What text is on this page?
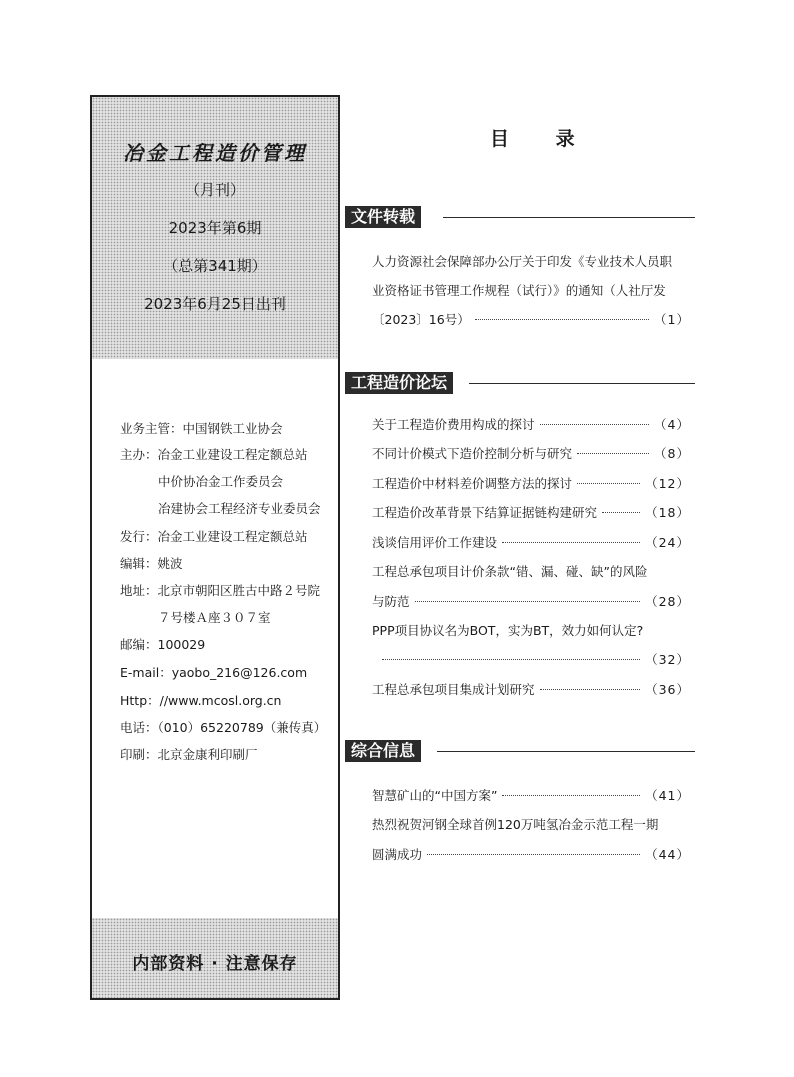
冶金工程造价管理
（月刊）
2023年第6期
（总第341期）
2023年6月25日出刊
业务主管：中国钢铁工业协会
主办：冶金工业建设工程定额总站
中价协冶金工作委员会
冶建协会工程经济专业委员会
发行：冶金工业建设工程定额总站
编辑：姚波
地址：北京市朝阳区胜古中路２号院
７号楼Ａ座３０７室
邮编：100029
E-mail：yaobo_216@126.com
Http：//www.mcosl.org.cn
电话：（010）65220789（兼传真）
印刷：北京金康利印刷厂
内部资料 · 注意保存
目 录
文件转载
人力资源社会保障部办公厅关于印发《专业技术人员职
业资格证书管理工作规程（试行）》的通知（人社厅发
〔2023〕16号）	（1）
工程造价论坛
关于工程造价费用构成的探讨	（4）
不同计价模式下造价控制分析与研究	（8）
工程造价中材料差价调整方法的探讨	（12）
工程造价改革背景下结算证据链构建研究	（18）
浅谈信用评价工作建设	（24）
工程总承包项目计价条款“错、漏、碰、缺”的风险
与防范	（28）
PPP项目协议名为BOT，实为BT，效力如何认定?
（32）
工程总承包项目集成计划研究	（36）
综合信息
智慧矿山的“中国方案”	（41）
热烈祝贺河钢全球首例120万吨氢冶金示范工程一期
圆满成功	（44）
